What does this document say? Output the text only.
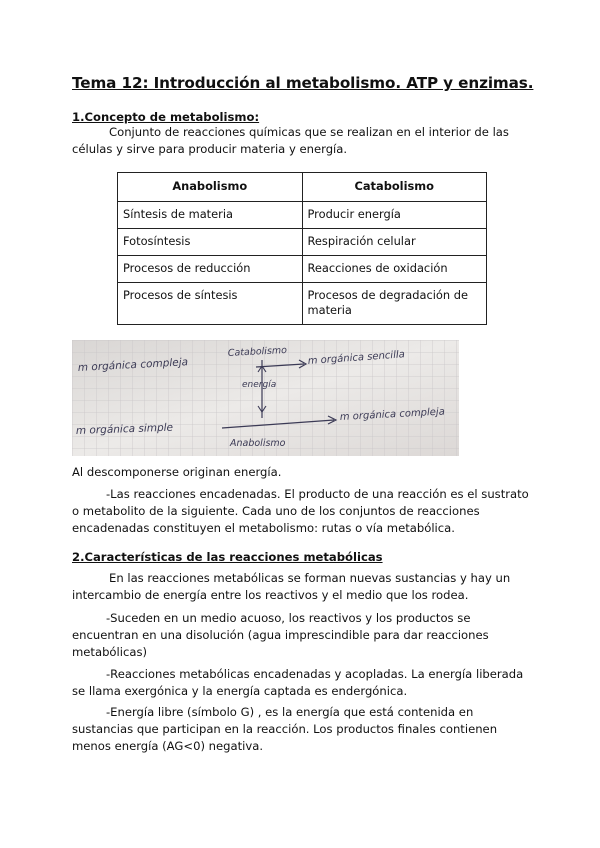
Tema 12: Introducción al metabolismo. ATP y enzimas.
1.Concepto de metabolismo:
Conjunto de reacciones químicas que se realizan en el interior de las células y sirve para producir materia y energía.
Anabolismo	Catabolismo
Síntesis de materia	Producir energía
Fotosíntesis	Respiración celular
Procesos de reducción	Reacciones de oxidación
Procesos de síntesis	Procesos de degradación de materia
m orgánica compleja	m orgánica sencilla
Catabolismo
energía
m orgánica simple
m orgánica compleja
Anabolismo
Al descomponerse originan energía.
-Las reacciones encadenadas. El producto de una reacción es el sustrato o metabolito de la siguiente. Cada uno de los conjuntos de reacciones encadenadas constituyen el metabolismo: rutas o vía metabólica.
2.Características de las reacciones metabólicas
En las reacciones metabólicas se forman nuevas sustancias y hay un intercambio de energía entre los reactivos y el medio que los rodea.
-Suceden en un medio acuoso, los reactivos y los productos se encuentran en una disolución (agua imprescindible para dar reacciones metabólicas)
-Reacciones metabólicas encadenadas y acopladas. La energía liberada se llama exergónica y la energía captada es endergónica.
-Energía libre (símbolo G) , es la energía que está contenida en sustancias que participan en la reacción. Los productos finales contienen menos energía (AG<0) negativa.
